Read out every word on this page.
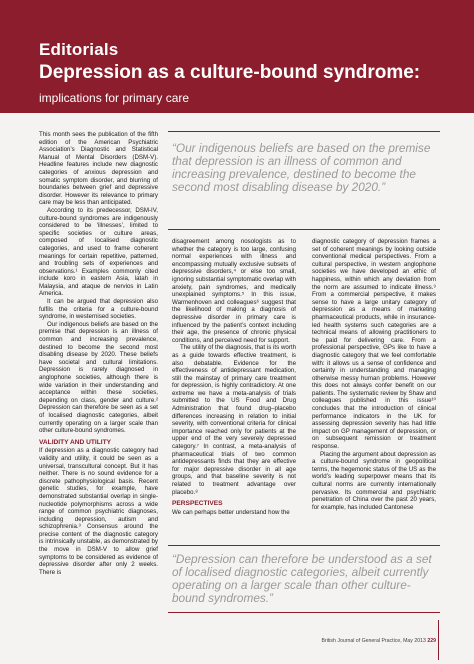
Editorials
Depression as a culture-bound syndrome:
implications for primary care

This month sees the publication of the fifth edition of the American Psychiatric Association’s Diagnostic and Statistical Manual of Mental Disorders (DSM-V). Headline features include new diagnostic categories of anxious depression and somatic symptom disorder, and blurring of boundaries between grief and depressive disorder. However its relevance to primary care may be less than anticipated.

According to its predecessor, DSM-IV, culture-bound syndromes are indigenously considered to be ‘illnesses’, limited to specific societies or culture areas, composed of localised diagnostic categories, and used to frame coherent meanings for certain repetitive, patterned, and troubling sets of experiences and observations.¹ Examples commonly cited include koro in eastern Asia, latah in Malaysia, and ataque de nervios in Latin America.

It can be argued that depression also fulfils the criteria for a culture-bound syndrome, in westernised societies.

Our indigenous beliefs are based on the premise that depression is an illness of common and increasing prevalence, destined to become the second most disabling disease by 2020. These beliefs have societal and cultural limitations. Depression is rarely diagnosed in anglophone societies, although there is wide variation in their understanding and acceptance within these societies, depending on class, gender and culture.² Depression can therefore be seen as a set of localised diagnostic categories, albeit currently operating on a larger scale than other culture-bound syndromes.

VALIDITY AND UTILITY

If depression as a diagnostic category had validity and utility, it could be seen as a universal, transcultural concept. But it has neither. There is no sound evidence for a discrete pathophysiological basis. Recent genetic studies, for example, have demonstrated substantial overlap in single-nucleotide polymorphisms across a wide range of common psychiatric diagnoses, including depression, autism and schizophrenia.³ Consensus around the precise content of the diagnostic category is intrinsically unstable, as demonstrated by the move in DSM-V to allow grief symptoms to be considered as evidence of depressive disorder after only 2 weeks. There is

“Our indigenous beliefs are based on the premise that depression is an illness of common and increasing prevalence, destined to become the second most disabling disease by 2020.”

disagreement among nosologists as to whether the category is too large, confusing normal experiences with illness and encompassing mutually exclusive subsets of depressive disorders,⁴ or else too small, ignoring substantial symptomatic overlap with anxiety, pain syndromes, and medically unexplained symptoms.⁵ In this issue, Warmenhoven and colleagues⁶ suggest that the likelihood of making a diagnosis of depressive disorder in primary care is influenced by the patient’s context including their age, the presence of chronic physical conditions, and perceived need for support.

The utility of the diagnosis, that is its worth as a guide towards effective treatment, is also debatable. Evidence for the effectiveness of antidepressant medication, still the mainstay of primary care treatment for depression, is highly contradictory. At one extreme we have a meta-analysis of trials submitted to the US Food and Drug Administration that found drug–placebo differences increasing in relation to initial severity, with conventional criteria for clinical importance reached only for patients at the upper end of the very severely depressed category.⁷ In contrast, a meta-analysis of pharmaceutical trials of two common antidepressants finds that they are effective for major depressive disorder in all age groups, and that baseline severity is not related to treatment advantage over placebo.⁸

PERSPECTIVES

We can perhaps better understand how the

diagnostic category of depression frames a set of coherent meanings by looking outside conventional medical perspectives. From a cultural perspective, in western anglophone societies we have developed an ethic of happiness, within which any deviation from the norm are assumed to indicate illness.⁹ From a commercial perspective, it makes sense to have a large unitary category of depression as a means of marketing pharmaceutical products, while in insurance-led health systems such categories are a technical means of allowing practitioners to be paid for delivering care. From a professional perspective, GPs like to have a diagnostic category that we feel comfortable with: it allows us a sense of confidence and certainty in understanding and managing otherwise messy human problems. However this does not always confer benefit on our patients. The systematic review by Shaw and colleagues published in this issue¹⁰ concludes that the introduction of clinical performance indicators in the UK for assessing depression severity has had little impact on GP management of depression, or on subsequent remission or treatment response.

Placing the argument about depression as a culture-bound syndrome in geopolitical terms, the hegemonic status of the US as the world’s leading superpower means that its cultural norms are currently internationally pervasive. Its commercial and psychiatric penetration of China over the past 20 years, for example, has included Cantonese

“Depression can therefore be understood as a set of localised diagnostic categories, albeit currently operating on a larger scale than other culture-bound syndromes.”
British Journal of General Practice, May 2013 229
